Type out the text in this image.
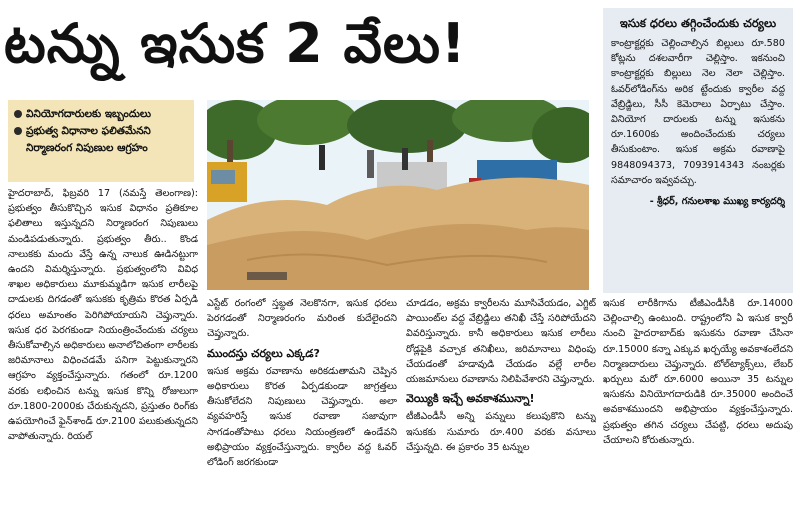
టన్ను ఇసుక 2 వేలు!	ఇసుక ధరలు తగ్గించేందుకు చర్యలు
కాంట్రాక్టర్లకు చెల్లించాల్సిన బిల్లులు రూ.580 కోట్లను దశలవారీగా చెల్లిస్తాం. ఇకనుంచి కాంట్రాక్టర్లకు బిల్లులు నెల నెలా చెల్లిస్తాం. ఓవర్‌లోడింగ్‌ను అరిక ట్టేందుకు క్వారీల వద్ద వేబ్రిడ్జిలు, సీసీ కెమెరాలు ఏర్పాటు చేస్తాం. వినియోగ దారులకు టన్ను ఇసుకను రూ.1600కు అందించేందుకు చర్యలు తీసుకుంటాం. ఇసుక అక్రమ రవాణాపై 9848094373, 7093914343 నంబర్లకు సమాచారం ఇవ్వవచ్చు.
- శ్రీధర్, గనులశాఖ ముఖ్య కార్యదర్శి
వినియోగదారులకు ఇబ్బందులు
ప్రభుత్వ విధానాల ఫలితమేనని నిర్మాణరంగ నిపుణుల ఆగ్రహం
హైదరాబాద్, ఫిబ్రవరి 17 (నమస్తే తెలంగాణ): ప్రభుత్వం తీసుకొచ్చిన ఇసుక విధానం ప్రతికూల ఫలితాలు ఇస్తున్నదని నిర్మాణరంగ నిపుణులు మండిపడుతున్నారు. ప్రభుత్వం తీరు.. కొండ నాలుకకు మందు వేస్తే ఉన్న నాలుక ఊడినట్టుగా ఉందని విమర్శిస్తున్నారు. ప్రభుత్వంలోని వివిధ శాఖల అధికారులు మూకుమ్మడిగా ఇసుక లారీలపై దాడులకు దిగడంతో ఇసుకకు కృత్రిమ కొరత ఏర్పడి ధరలు అమాంతం పెరిగిపోయాయని చెప్తున్నారు. ఇసుక ధర పెరగకుండా నియంత్రించేందుకు చర్యలు తీసుకోవాల్సిన అధికారులు అనాలోచితంగా లారీలకు జరిమానాలు విధించడమే పనిగా పెట్టుకున్నారని ఆగ్రహం వ్యక్తంచేస్తున్నారు. గతంలో రూ.1200 వరకు లభించిన టన్ను ఇసుక కొన్ని రోజులుగా రూ.1800-2000కు చేరుకున్నదని, ప్రస్తుతం రింగ్‌కు ఉపయోగించే ఫైన్‌శాండ్ రూ.2100 పలుకుతున్నదని వాపోతున్నారు. రియల్
ఎస్టేట్ రంగంలో స్తబ్ధత నెలకొనగా, ఇసుక ధరలు పెరగడంతో నిర్మాణరంగం మరింత కుదేలైందని చెప్తున్నారు.
ముందస్తు చర్యలు ఎక్కడ?
ఇసుక అక్రమ రవాణాను అరికడుతామని చెప్పిన అధికారులు కొరత ఏర్పడకుండా జాగ్రత్తలు తీసుకోలేదని నిపుణులు చెప్తున్నారు. అలా వ్యవహరిస్తే ఇసుక రవాణా సజావుగా సాగడంతోపాటు ధరలు నియంత్రణలో ఉండేవని అభిప్రాయం వ్యక్తంచేస్తున్నారు. క్వారీల వద్ద ఓవర్ లోడింగ్ జరగకుండా
చూడడం, అక్రమ క్వారీలను మూసివేయడం, ఎగ్జిట్ పాయింట్‌ల వద్ద వేబ్రిడ్జిలు తనిఖీ చేస్తే సరిపోయేదని వివరిస్తున్నారు. కానీ అధికారులు ఇసుక లారీలు రోడ్లపైకి వచ్చాక తనిఖీలు, జరిమానాలు విధింపు చేయడంతో హడావుడి చేయడం వల్లే లారీల యజమానులు రవాణాను నిలిపివేశారని చెప్తున్నారు.
వెయ్యికి ఇచ్చే అవకాశమున్నా!
టీజీఎండీసీ అన్ని పన్నులు కలుపుకొని టన్ను ఇసుకకు సుమారు రూ.400 వరకు వసూలు చేస్తున్నది. ఈ ప్రకారం 35 టన్నుల
ఇసుక లారీకిగాను టీజీఎండీసీకి రూ.14000 చెల్లించాల్సి ఉంటుంది. రాష్ట్రంలోని ఏ ఇసుక క్వారీ నుంచి హైదరాబాద్‌కు ఇసుకను రవాణా చేసినా రూ.15000 కన్నా ఎక్కువ ఖర్చయ్యే అవకాశంలేదని నిర్మాణదారులు చెప్తున్నారు. టోల్‌ట్యాక్స్‌లు, లేబర్ ఖర్చులు మరో రూ.6000 అయినా 35 టన్నుల ఇసుకను వినియోగదారుడికి రూ.35000 అందించే అవకాశముందని అభిప్రాయం వ్యక్తంచేస్తున్నారు. ప్రభుత్వం తగిన చర్యలు చేపట్టి, ధరలు అదుపు చేయాలని కోరుతున్నారు.
